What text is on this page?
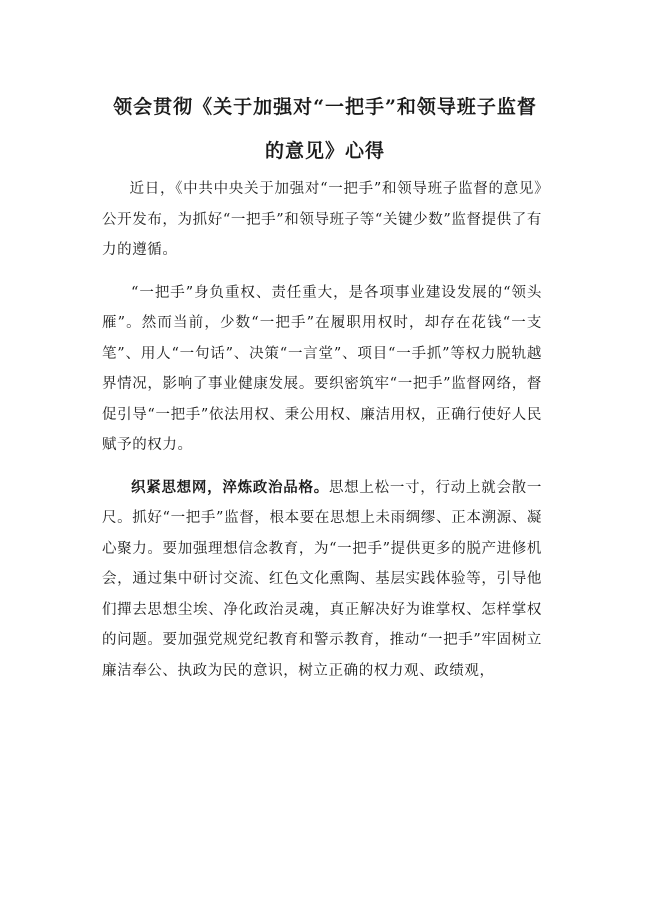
领会贯彻《关于加强对“一把手”和领导班子监督
的意见》心得

近日，《中共中央关于加强对“一把手”和领导班子监督的意见》公开发布，为抓好“一把手”和领导班子等“关键少数”监督提供了有力的遵循。

“一把手”身负重权、责任重大，是各项事业建设发展的“领头雁”。然而当前，少数“一把手”在履职用权时，却存在花钱“一支笔”、用人“一句话”、决策“一言堂”、项目“一手抓”等权力脱轨越界情况，影响了事业健康发展。要织密筑牢“一把手”监督网络，督促引导“一把手”依法用权、秉公用权、廉洁用权，正确行使好人民赋予的权力。

织紧思想网，淬炼政治品格。思想上松一寸，行动上就会散一尺。抓好“一把手”监督，根本要在思想上未雨绸缪、正本溯源、凝心聚力。要加强理想信念教育，为“一把手”提供更多的脱产进修机会，通过集中研讨交流、红色文化熏陶、基层实践体验等，引导他们撣去思想尘埃、净化政治灵魂，真正解决好为谁掌权、怎样掌权的问题。要加强党规党纪教育和警示教育，推动“一把手”牢固树立廉洁奉公、执政为民的意识，树立正确的权力观、政绩观，
